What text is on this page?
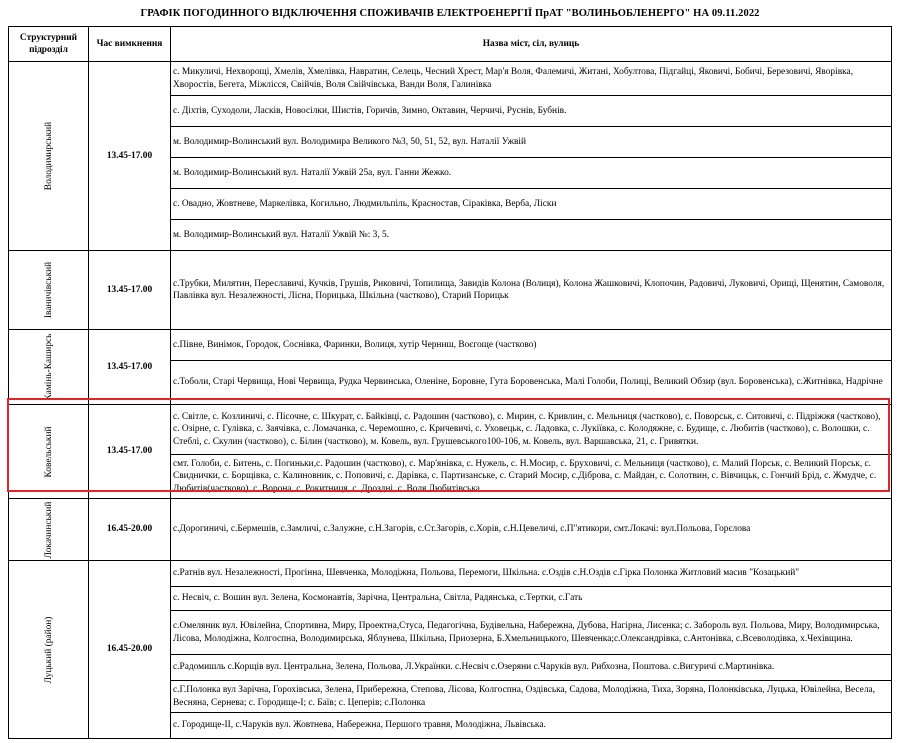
ГРАФІК ПОГОДИННОГО ВІДКЛЮЧЕННЯ СПОЖИВАЧІВ ЕЛЕКТРОЕНЕРГІЇ ПрАТ "ВОЛИНЬОБЛЕНЕРГО" НА 09.11.2022
Структурний підрозділ	Час вимкнення	Назва міст, сіл, вулиць

Володимирський	13.45-17.00	с. Микуличі, Нехворощі, Хмелів, Хмелівка, Навратин, Селець, Чесний Хрест, Мар'я Воля, Фалемичі, Житані, Хобултова, Підгайці, Яковичі, Бобичі, Березовичі, Яворівка, Хворостів, Бегета, Міжлісся, Свійчів, Воля Свійчівська, Ванди Воля, Галинівка
		с. Діхтів, Суходоли, Ласків, Новосілки, Шистів, Горичів, Зимно, Октавин, Черчичі, Руснів, Бубнів.
		м. Володимир-Волинський вул. Володимира Великого №3, 50, 51, 52, вул. Наталії Ужвій
		м. Володимир-Волинський вул. Наталії Ужвій 25а, вул. Ганни Жежко.
		с. Овадно, Жовтневе, Маркелівка, Когильно, Людмильпіль, Красностав, Сіраківка, Верба, Ліски
		м. Володимир-Волинський вул. Наталії Ужвій №: 3, 5.

Іваничівський	13.45-17.00	с.Трубки, Милятин, Переславичі, Кучків, Грушів, Риковичі, Топилища, Завидів Колона (Волиця), Колона Жашковичі, Клопочин, Радовичі, Луковичі, Орищі, Щенятин, Самоволя, Павлівка вул. Незалежності, Лісна, Порицька, Шкільна (частково), Старий Порицьк

Камінь-Каширсь	13.45-17.00	с.Півне, Винімок, Городок, Соснівка, Фаринки, Волиця, хутір Черниш, Воєгоще (частково)
		с.Тоболи, Старі Червища, Нові Червища, Рудка Червинська, Оленіне, Боровне, Гута Боровенська, Малі Голоби, Полиці, Великий Обзир (вул. Боровенська), с.Житнівка, Надрічне

Ковельський	13.45-17.00	с. Світле, с. Козлиничі, с. Пісочне, с. Шкурат, с. Байківці, с. Радошин (частково), с. Мирин, с. Кривлин, с. Мельниця (частково), с. Поворськ, с. Ситовичі, с. Підріжжя (частково), с. Озірне, с. Гулівка, с. Заячівка, с. Ломачанка, с. Черемошно, с. Кричевичі, с. Уховецьк, с. Ладовка, с. Лукіївка, с. Колодяжне, с. Будище, с. Любитів (частково), с. Волошки, с. Стеблі, с. Скулин (частково), с. Білин (частково), м. Ковель, вул. Грушевського100-106, м. Ковель, вул. Варшавська, 21, с. Гривятки.
		смт. Голоби, с. Битень, с. Погиньки,с. Радошин (частково), с. Мар'янівка, с. Нужель, с. Н.Мосир, с. Брухoвичі, с. Мельниця (частково), с. Малий Порськ, с. Великий Порськ, с. Свиднички, с. Борщівка, с. Калиновник, с. Поповичі, с. Дарівка, с. Партизанське, с. Старий Мосир, с.Діброва, с. Майдан, с. Солотвин, с. Вівчицьк, с. Гончий Брід, с. Жмудче, с. Любитів(частково), с. Ворона, с. Рокитниця, с. Дроздні, с. Воля Любитівська

Локачинський	16.45-20.00	с.Дорогиничі, с.Бермешів, с.Замличі, с.Залужне, с.Н.Загорів, с.Ст.Загорів, с.Хорів, с.Н.Цевеличі, с.П"ятикори, смт.Локачі: вул.Польова, Горєлова

Луцький (район)	16.45-20.00	с.Ратнів вул. Незалежності, Прогінна, Шевченка, Молодіжна, Польова, Перемоги, Шкільна. с.Оздів с.Н.Оздів с.Гірка Полонка Житловий масив "Козацький"
		с. Несвіч, с. Вошин вул. Зелена, Космонавтів, Зарічна, Центральна, Світла, Радянська, с.Тертки, с.Гать
		с.Омеляник вул. Ювілейна, Спортивна, Миру, Проектна,Стуса, Педагогічна, Будівельна, Набережна, Дубова, Нагірна, Лисенка; с. Забороль вул. Польова, Миру, Володимирська, Лісова, Молодіжна, Колгоспна, Володимирська, Яблунева, Шкільна, Приозерна, Б.Хмельницького, Шевченка;с.Олександрівка, с.Антонівка, с.Всеволодівка, х.Чехівщина.
		с.Радомишль с.Корщів вул. Центральна, Зелена, Польова, Л.Українки. с.Несвіч с.Озеряни с.Чарукiв вул. Рибхозна, Поштова. с.Вигуричі с.Мартинівка.
		с.Г.Полонка вул Зарічна, Горохівська, Зелена, Прибережна, Степова, Лісова, Колгоспна, Оздівська, Садова, Молодіжна, Тиха, Зоряна, Полонківська, Луцька, Ювілейна, Весела, Весняна, Сернева; с. Городище-І; с. Баїв; с. Цеперів; с.Полонка
		с. Городище-ІІ, с.Чаруків вул. Жовтнева, Набережна, Першого травня, Молодіжна, Львівська.
